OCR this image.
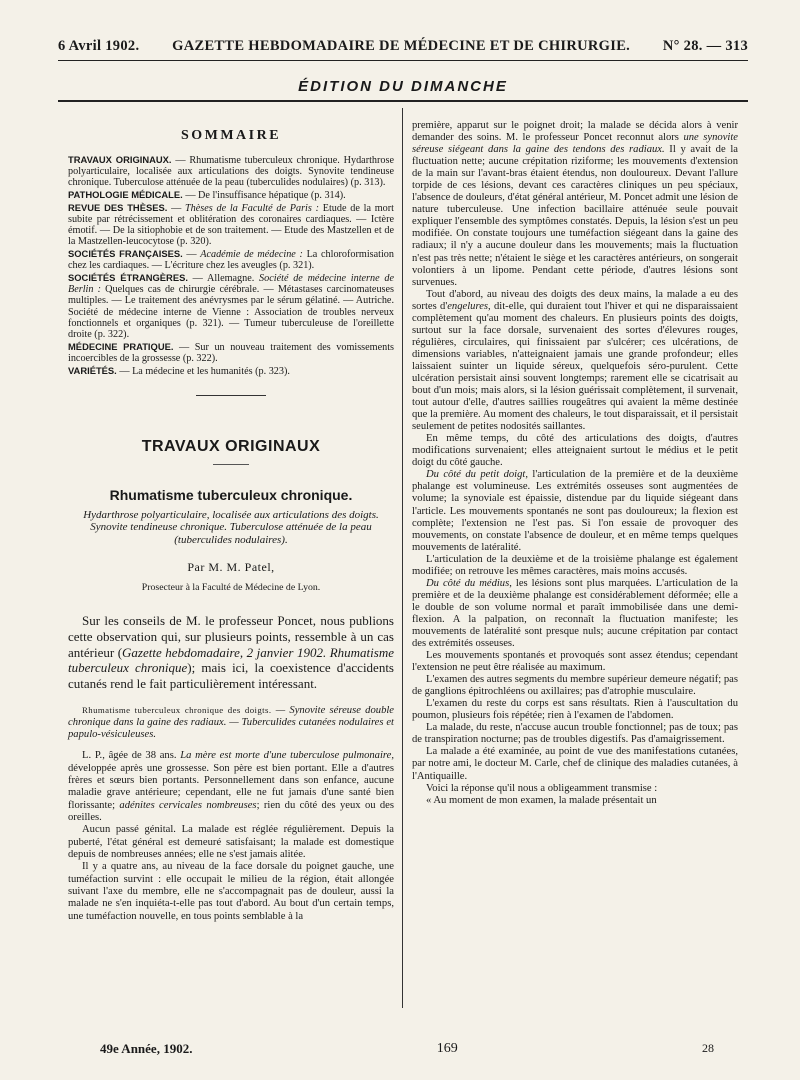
6 Avril 1902. GAZETTE HEBDOMADAIRE DE MÉDECINE ET DE CHIRURGIE. N° 28. — 313
ÉDITION DU DIMANCHE
SOMMAIRE

TRAVAUX ORIGINAUX. — Rhumatisme tuberculeux chronique. Hydarthrose polyarticulaire, localisée aux articulations des doigts. Synovite tendineuse chronique. Tuberculose atténuée de la peau (tuberculides nodulaires) (p. 313).

PATHOLOGIE MÉDICALE. — De l'insuffisance hépatique (p. 314).

REVUE DES THÈSES. — Thèses de la Faculté de Paris : Etude de la mort subite par rétrécissement et oblitération des coronaires cardiaques. — Ictère émotif. — De la sitiophobie et de son traitement. — Etude des Mastzellen et de la Mastzellen-leucocytose (p. 320).

SOCIÉTÉS FRANÇAISES. — Académie de médecine : La chloroformisation chez les cardiaques. — L'écriture chez les aveugles (p. 321).

SOCIÉTÉS ÉTRANGÈRES. — Allemagne. Société de médecine interne de Berlin : Quelques cas de chirurgie cérébrale. — Métastases carcinomateuses multiples. — Le traitement des anévrysmes par le sérum gélatiné. — Autriche. Société de médecine interne de Vienne : Association de troubles nerveux fonctionnels et organiques (p. 321). — Tumeur tuberculeuse de l'oreillette droite (p. 322).

MÉDECINE PRATIQUE. — Sur un nouveau traitement des vomissements incoercibles de la grossesse (p. 322).

VARIÉTÉS. — La médecine et les humanités (p. 323).

TRAVAUX ORIGINAUX
Rhumatisme tuberculeux chronique.
Hydarthrose polyarticulaire, localisée aux articulations des doigts. Synovite tendineuse chronique. Tuberculose atténuée de la peau (tuberculides nodulaires).
Par M. M. Patel,
Prosecteur à la Faculté de Médecine de Lyon.

Sur les conseils de M. le professeur Poncet, nous publions cette observation qui, sur plusieurs points, ressemble à un cas antérieur (Gazette hebdomadaire, 2 janvier 1902. Rhumatisme tuberculeux chronique); mais ici, la coexistence d'accidents cutanés rend le fait particulièrement intéressant.

Rhumatisme tuberculeux chronique des doigts. — Synovite séreuse double chronique dans la gaine des radiaux. — Tuberculides cutanées nodulaires et papulo-vésiculeuses.

L. P., âgée de 38 ans. La mère est morte d'une tuberculose pulmonaire, développée après une grossesse. Son père est bien portant. Elle a d'autres frères et sœurs bien portants. Personnellement dans son enfance, aucune maladie grave antérieure; cependant, elle ne fut jamais d'une santé bien florissante; adénites cervicales nombreuses; rien du côté des yeux ou des oreilles.

Aucun passé génital. La malade est réglée régulièrement. Depuis la puberté, l'état général est demeuré satisfaisant; la malade est domestique depuis de nombreuses années; elle ne s'est jamais alitée.

Il y a quatre ans, au niveau de la face dorsale du poignet gauche, une tuméfaction survint : elle occupait le milieu de la région, était allongée suivant l'axe du membre, elle ne s'accompagnait pas de douleur, aussi la malade ne s'en inquiéta-t-elle pas tout d'abord. Au bout d'un certain temps, une tuméfaction nouvelle, en tous points semblable à la

première, apparut sur le poignet droit; la malade se décida alors à venir demander des soins. M. le professeur Poncet reconnut alors une synovite séreuse siégeant dans la gaine des tendons des radiaux. Il y avait de la fluctuation nette; aucune crépitation riziforme; les mouvements d'extension de la main sur l'avant-bras étaient étendus, non douloureux. Devant l'allure torpide de ces lésions, devant ces caractères cliniques un peu spéciaux, l'absence de douleurs, d'état général antérieur, M. Poncet admit une lésion de nature tuberculeuse. Une infection bacillaire atténuée seule pouvait expliquer l'ensemble des symptômes constatés. Depuis, la lésion s'est un peu modifiée. On constate toujours une tuméfaction siégeant dans la gaine des radiaux; il n'y a aucune douleur dans les mouvements; mais la fluctuation n'est pas très nette; n'étaient le siège et les caractères antérieurs, on songerait volontiers à un lipome. Pendant cette période, d'autres lésions sont survenues.

Tout d'abord, au niveau des doigts des deux mains, la malade a eu des sortes d'engelures, dit-elle, qui duraient tout l'hiver et qui ne disparaissaient complètement qu'au moment des chaleurs. En plusieurs points des doigts, surtout sur la face dorsale, survenaient des sortes d'élevures rouges, régulières, circulaires, qui finissaient par s'ulcérer; ces ulcérations, de dimensions variables, n'atteignaient jamais une grande profondeur; elles laissaient suinter un liquide séreux, quelquefois séro-purulent. Cette ulcération persistait ainsi souvent longtemps; rarement elle se cicatrisait au bout d'un mois; mais alors, si la lésion guérissait complètement, il survenait, tout autour d'elle, d'autres saillies rougeâtres qui avaient la même destinée que la première. Au moment des chaleurs, le tout disparaissait, et il persistait seulement de petites nodosités saillantes.

En même temps, du côté des articulations des doigts, d'autres modifications survenaient; elles atteignaient surtout le médius et le petit doigt du côté gauche.

Du côté du petit doigt, l'articulation de la première et de la deuxième phalange est volumineuse. Les extrémités osseuses sont augmentées de volume; la synoviale est épaissie, distendue par du liquide siégeant dans l'article. Les mouvements spontanés ne sont pas douloureux; la flexion est complète; l'extension ne l'est pas. Si l'on essaie de provoquer des mouvements, on constate l'absence de douleur, et en même temps quelques mouvements de latéralité.

L'articulation de la deuxième et de la troisième phalange est également modifiée; on retrouve les mêmes caractères, mais moins accusés.

Du côté du médius, les lésions sont plus marquées. L'articulation de la première et de la deuxième phalange est considérablement déformée; elle a le double de son volume normal et paraît immobilisée dans une demi-flexion. A la palpation, on reconnaît la fluctuation manifeste; les mouvements de latéralité sont presque nuls; aucune crépitation par contact des extrémités osseuses.

Les mouvements spontanés et provoqués sont assez étendus; cependant l'extension ne peut être réalisée au maximum.

L'examen des autres segments du membre supérieur demeure négatif; pas de ganglions épitrochléens ou axillaires; pas d'atrophie musculaire.

L'examen du reste du corps est sans résultats. Rien à l'auscultation du poumon, plusieurs fois répétée; rien à l'examen de l'abdomen.

La malade, du reste, n'accuse aucun trouble fonctionnel; pas de toux; pas de transpiration nocturne; pas de troubles digestifs. Pas d'amaigrissement.

La malade a été examinée, au point de vue des manifestations cutanées, par notre ami, le docteur M. Carle, chef de clinique des maladies cutanées, à l'Antiquaille.

Voici la réponse qu'il nous a obligeamment transmise :

« Au moment de mon examen, la malade présentait un

49e Année, 1902.	169	28
